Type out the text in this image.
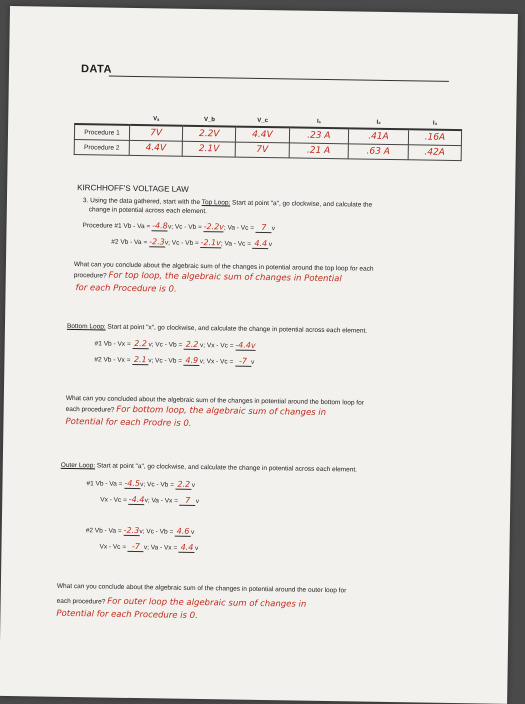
DATA
	Vₐ	V_b	V_c	I₁	I₂	I₃
Procedure 1	7V	2.2V	4.4V	.23 A	.41A	.16A
Procedure 2	4.4V	2.1V	7V	.21 A	.63 A	.42A
KIRCHHOFF'S VOLTAGE LAW
3. Using the data gathered, start with the Top Loop: Start at point "a", go clockwise, and calculate the
change in potential across each element.
Procedure #1 Vb - Va = -4.8v; Vc - Vb = -2.2v; Va - Vc = 7 v
#2 Vb - Va = -2.3v; Vc - Vb = -2.1v; Va - Vc = 4.4v
What can you conclude about the algebraic sum of the changes in potential around the top loop for each
procedure? For top loop, the algebraic sum of changes in Potential
for each Procedure is 0.
Bottom Loop: Start at point "x", go clockwise, and calculate the change in potential across each element.
#1 Vb - Vx = 2.2v; Vc - Vb = 2.2v; Vx - Vc = -4.4v
#2 Vb - Vx = 2.1v; Vc - Vb = 4.9v; Vx - Vc = -7 v
What can you concluded about the algebraic sum of the changes in potential around the bottom loop for
each procedure? For bottom loop, the algebraic sum of changes in
Potential for each Prodre is 0.
Outer Loop: Start at point "a", go clockwise, and calculate the change in potential across each element.
#1 Vb - Va = -4.5v; Vc - Vb = 2.2v
Vx - Vc = -4.4v; Va - Vx = 7 v
#2 Vb - Va = -2.3v; Vc - Vb = 4.6v
Vx - Vc = -7 v; Va - Vx = 4.4v
What can you conclude about the algebraic sum of the changes in potential around the outer loop for
each procedure? For outer loop the algebraic sum of changes in
Potential for each Procedure is 0.
